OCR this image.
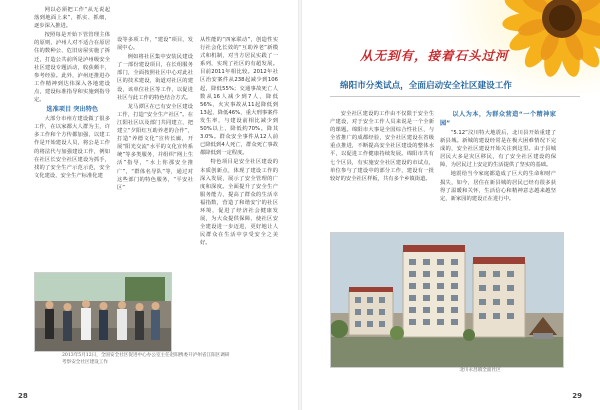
网以必须把工作“从无说起落到地面上来”，抓实、抓细，逐步深入推进。

按照每是开始下管管理主体的原则，泸州人对不适合在原居住的数种公、危旧房屋实施了拆迁，打造公共前所是泸州级安全社区建设专题活动，收获颇丰，参考经验。此外，泸州还推进办工作精神到达伟深入各地建设点，建设标准指导和实施到指导定。

选准项目 突出特色

大部分市州方建设做了很多工作，在以家都大人群为主，许多工作和个方传都加强，以建工作是开始建设人员，将公是工作的将法代与加强建设工作，例如在社区长安全社区建设为抓手，找的了安全生产示范示范，安全文化建设，安全生产标准化建

设等多项工作，“建设”项目，发展中心。

例如将社区集中安装民建设了一部份建设项目，在长组服务部门，全面按照社区中心对此社区的技术建设，街道对社区的建设，该单位社区等工作，以促进社区与此工作的特色结合方式。

龙马潭区在已有安全区建设工作，打造“安全生产社区”。在江阳社区以及部门共同建立，把建立“夕阳红互助养老的合作”，打造“养德文化”宣传长廊，开展“阳光交流“水平的文化宣传系统”等多类服务，并组织“网上生活”指导，“水上你那安全推广”，“群体名导队”等，通过对这些部门的特色服务，“平安社区”

从性能的“四家联动”，创造性实行社会化长效的“互助养老”新模式和机制，对当方居民实践了一系列，实现了社区的有超发展。目前2011年相比较。2012年社区治安案件从238起减少到106起，降低55%；交通事故死亡人数从16人减少到7人，降低56%，火灾事故从11起降低到13起，降低46%，重大刑事案件发生率，与建设前相比减少到50%以上，降低约70%。降其3.0%。群众安全事件从12人前已降低到4人死亡，群众死亡事故都降低到一定程度。

特色项目是安全社区建设的本质创新点，体现了建设工作的深入发展，展示了安全管理的广度和深度。全面提升了安全生产服务能力，提高了群众的生活幸福指数，营造了和谐安宁的社区环境，促进了经济社会健康发展，为大众提供保障，使社区安全建设进一步迈进，更好地让人民群众在生活中享受安全之美好。

2013年5月12日，全国安全社区促进中心办公室主任赵阳携委开泸州省江阳区调研考察安全社区建设工作
28
从无到有，接着石头过河
绵阳市分类试点，全面启动安全社区建设工作

安全社区建设的工作由不仅限于安全生产建设，对于安全工作人员来说是一个全新的课题。绵阳市大事是全国综合性社区，与全省推广的成都经验，安全社区建设在省级重点推进，不断提高安全社区建设的整体水平，以促进工作健康持续发展。绵阳市共有七个区县，有实施安全社区建设的市试点，单位参与了建设中的部分工作，建设有一批较好的安全社区样板，共有多个乡镇街道。

以人为本，为群众营造“一个精神家园”

“5.12”汶川特大地震后，北川县开始重建了新县城。新城的建设经常是在极大困难情况下完成的，安全社区建设开始关注到这里。由于县城居民大多是灾区移民，有了安全社区建设的保障，为居民过上安定的生活提供了坚实的基础。

地震给当今家庭都造成了巨大的生命和财产损失，如今，居住在新县城的居民已经有很多获得了温暖和关怀，生活信心和精神意志越来越坚定，新家园的建设正在进行中。

北川永昌镇全面社区
29
